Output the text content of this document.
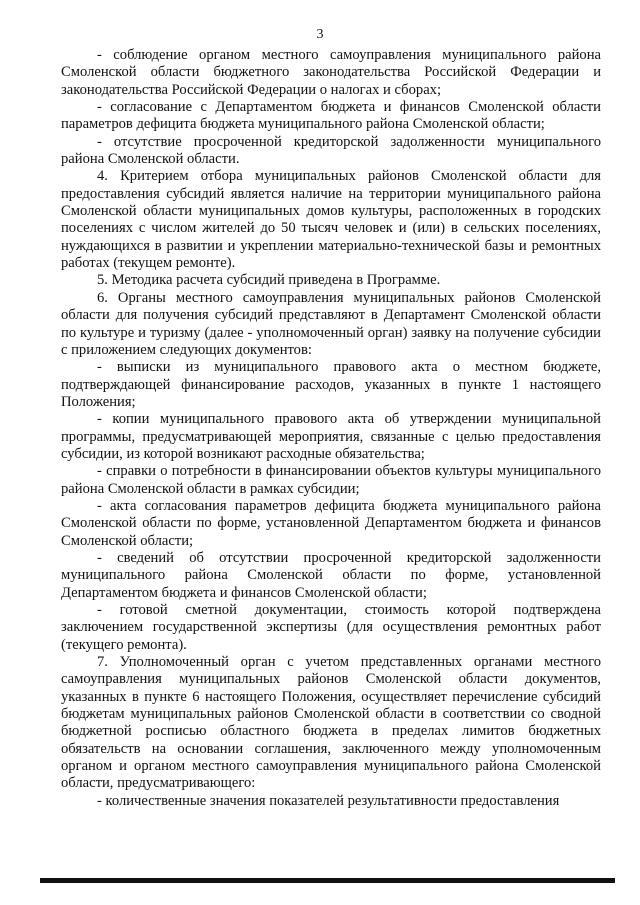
3

- соблюдение органом местного самоуправления муниципального района Смоленской области бюджетного законодательства Российской Федерации и законодательства Российской Федерации о налогах и сборах;

- согласование с Департаментом бюджета и финансов Смоленской области параметров дефицита бюджета муниципального района Смоленской области;

- отсутствие просроченной кредиторской задолженности муниципального района Смоленской области.

4. Критерием отбора муниципальных районов Смоленской области для предоставления субсидий является наличие на территории муниципального района Смоленской области муниципальных домов культуры, расположенных в городских поселениях с числом жителей до 50 тысяч человек и (или) в сельских поселениях, нуждающихся в развитии и укреплении материально-технической базы и ремонтных работах (текущем ремонте).

5. Методика расчета субсидий приведена в Программе.

6. Органы местного самоуправления муниципальных районов Смоленской области для получения субсидий представляют в Департамент Смоленской области по культуре и туризму (далее - уполномоченный орган) заявку на получение субсидии с приложением следующих документов:

- выписки из муниципального правового акта о местном бюджете, подтверждающей финансирование расходов, указанных в пункте 1 настоящего Положения;

- копии муниципального правового акта об утверждении муниципальной программы, предусматривающей мероприятия, связанные с целью предоставления субсидии, из которой возникают расходные обязательства;

- справки о потребности в финансировании объектов культуры муниципального района Смоленской области в рамках субсидии;

- акта согласования параметров дефицита бюджета муниципального района Смоленской области по форме, установленной Департаментом бюджета и финансов Смоленской области;

- сведений об отсутствии просроченной кредиторской задолженности муниципального района Смоленской области по форме, установленной Департаментом бюджета и финансов Смоленской области;

- готовой сметной документации, стоимость которой подтверждена заключением государственной экспертизы (для осуществления ремонтных работ (текущего ремонта).

7. Уполномоченный орган с учетом представленных органами местного самоуправления муниципальных районов Смоленской области документов, указанных в пункте 6 настоящего Положения, осуществляет перечисление субсидий бюджетам муниципальных районов Смоленской области в соответствии со сводной бюджетной росписью областного бюджета в пределах лимитов бюджетных обязательств на основании соглашения, заключенного между уполномоченным органом и органом местного самоуправления муниципального района Смоленской области, предусматривающего:

- количественные значения показателей результативности предоставления
